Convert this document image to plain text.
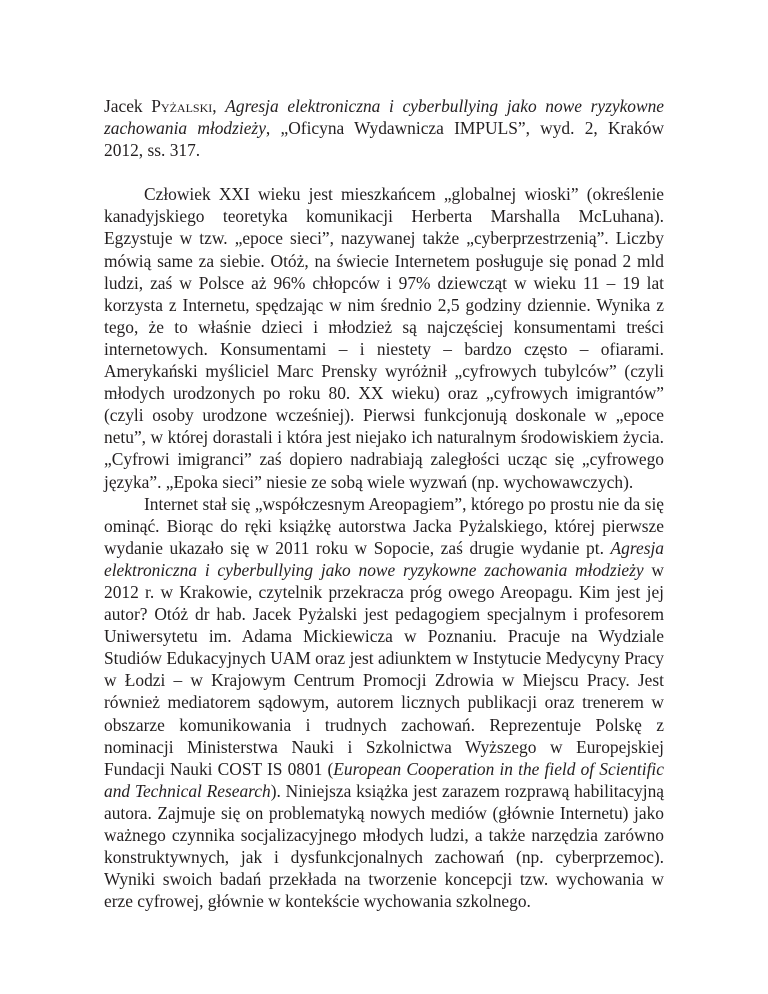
Jacek Pyżalski, Agresja elektroniczna i cyberbullying jako nowe ryzykowne zachowania młodzieży, „Oficyna Wydawnicza IMPULS”, wyd. 2, Kraków 2012, ss. 317.

Człowiek XXI wieku jest mieszkańcem „globalnej wioski” (określenie kanadyjskiego teoretyka komunikacji Herberta Marshalla McLuhana). Egzystuje w tzw. „epoce sieci”, nazywanej także „cyberprzestrzenią”. Liczby mówią same za siebie. Otóż, na świecie Internetem posługuje się ponad 2 mld ludzi, zaś w Polsce aż 96% chłopców i 97% dziewcząt w wieku 11 – 19 lat korzysta z Internetu, spędzając w nim średnio 2,5 godziny dziennie. Wynika z tego, że to właśnie dzieci i młodzież są najczęściej konsumentami treści internetowych. Konsumentami – i niestety – bardzo często – ofiarami. Amerykański myśliciel Marc Prensky wyróżnił „cyfrowych tubylców” (czyli młodych urodzonych po roku 80. XX wieku) oraz „cyfrowych imigrantów” (czyli osoby urodzone wcześniej). Pierwsi funkcjonują doskonale w „epoce netu”, w której dorastali i która jest niejako ich naturalnym środowiskiem życia. „Cyfrowi imigranci” zaś dopiero nadrabiają zaległości ucząc się „cyfrowego języka”. „Epoka sieci” niesie ze sobą wiele wyzwań (np. wychowawczych).

Internet stał się „współczesnym Areopagiem”, którego po prostu nie da się ominąć. Biorąc do ręki książkę autorstwa Jacka Pyżalskiego, której pierwsze wydanie ukazało się w 2011 roku w Sopocie, zaś drugie wydanie pt. Agresja elektroniczna i cyberbullying jako nowe ryzykowne zachowania młodzieży w 2012 r. w Krakowie, czytelnik przekracza próg owego Areopagu. Kim jest jej autor? Otóż dr hab. Jacek Pyżalski jest pedagogiem specjalnym i profesorem Uniwersytetu im. Adama Mickiewicza w Poznaniu. Pracuje na Wydziale Studiów Edukacyjnych UAM oraz jest adiunktem w Instytucie Medycyny Pracy w Łodzi – w Krajowym Centrum Promocji Zdrowia w Miejscu Pracy. Jest również mediatorem sądowym, autorem licznych publikacji oraz trenerem w obszarze komunikowania i trudnych zachowań. Reprezentuje Polskę z nominacji Ministerstwa Nauki i Szkolnictwa Wyższego w Europejskiej Fundacji Nauki COST IS 0801 (European Cooperation in the field of Scientific and Technical Research). Niniejsza książka jest zarazem rozprawą habilitacyjną autora. Zajmuje się on problematyką nowych mediów (głównie Internetu) jako ważnego czynnika socjalizacyjnego młodych ludzi, a także narzędzia zarówno konstruktywnych, jak i dysfunkcjonalnych zachowań (np. cyberprzemoc). Wyniki swoich badań przekłada na tworzenie koncepcji tzw. wychowania w erze cyfrowej, głównie w kontekście wychowania szkolnego.
